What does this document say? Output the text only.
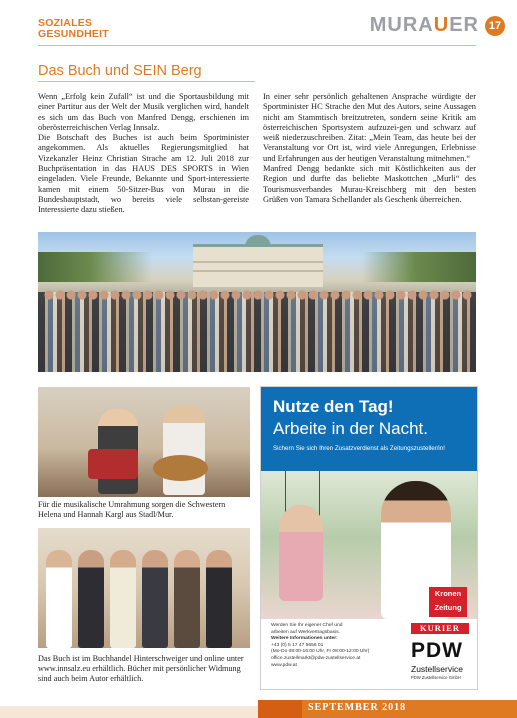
SOZIALES
GESUNDHEIT	MURAUER 17
Das Buch und SEIN Berg

Wenn „Erfolg kein Zufall“ ist und die Sportausbildung mit einer Partitur aus der Welt der Musik verglichen wird, handelt es sich um das Buch von Manfred Dengg, erschienen im oberösterreichischen Verlag Innsalz.

Die Botschaft des Buches ist auch beim Sportminister angekommen. Als aktuelles Regierungsmitglied hat Vizekanzler Heinz Christian Strache am 12. Juli 2018 zur Buchpräsentation in das HAUS DES SPORTS in Wien eingeladen. Viele Freunde, Bekannte und Sport-interessierte kamen mit einem 50-Sitzer-Bus von Murau in die Bundeshauptstadt, wo bereits viele selbstan-gereiste Interessierte dazu stießen.

In einer sehr persönlich gehaltenen Ansprache würdigte der Sportminister HC Strache den Mut des Autors, seine Aussagen nicht am Stammtisch breitzutreten, sondern seine Kritik am österreichischen Sportsystem aufzuzei-gen und schwarz auf weiß niederzuschreiben. Zitat: „Mein Team, das heute bei der Veranstaltung vor Ort ist, wird viele Anregungen, Erlebnisse und Erfahrungen aus der heutigen Veranstaltung mitnehmen.“

Manfred Dengg bedankte sich mit Köstlichkeiten aus der Region und durfte das beliebte Maskottchen „Murli“ des Tourismusverbandes Murau-Kreischberg mit den besten Grüßen von Tamara Schellander als Geschenk überreichen.

Für die musikalische Umrahmung sorgen die Schwestern Helena und Hannah Kargl aus Stadl/Mur.
Das Buch ist im Buchhandel Hinterschweiger und online unter www.innsalz.eu erhältlich. Bücher mit persönlicher Widmung sind auch beim Autor erhältlich.
Nutze den Tag!
Arbeite in der Nacht.
Sichern Sie sich Ihren Zusatzverdienst als Zeitungszusteller/in!
Kronen
Zeitung
Werden Sie Ihr eigener Chef und
arbeiten auf Werkvertragsbasis.
Weitere Informationen unter:
+43 (0) 5 17 47 5656 01
(Mo-Do 08:00-16:00 Uhr, Fr 08:00-12:00 Uhr)
office.zustellmarkt@pdw-zustellservice.at
www.pdw.at
KURIER
PDW
Zustellservice
PDW Zustellservice GmbH
SEPTEMBER 2018
